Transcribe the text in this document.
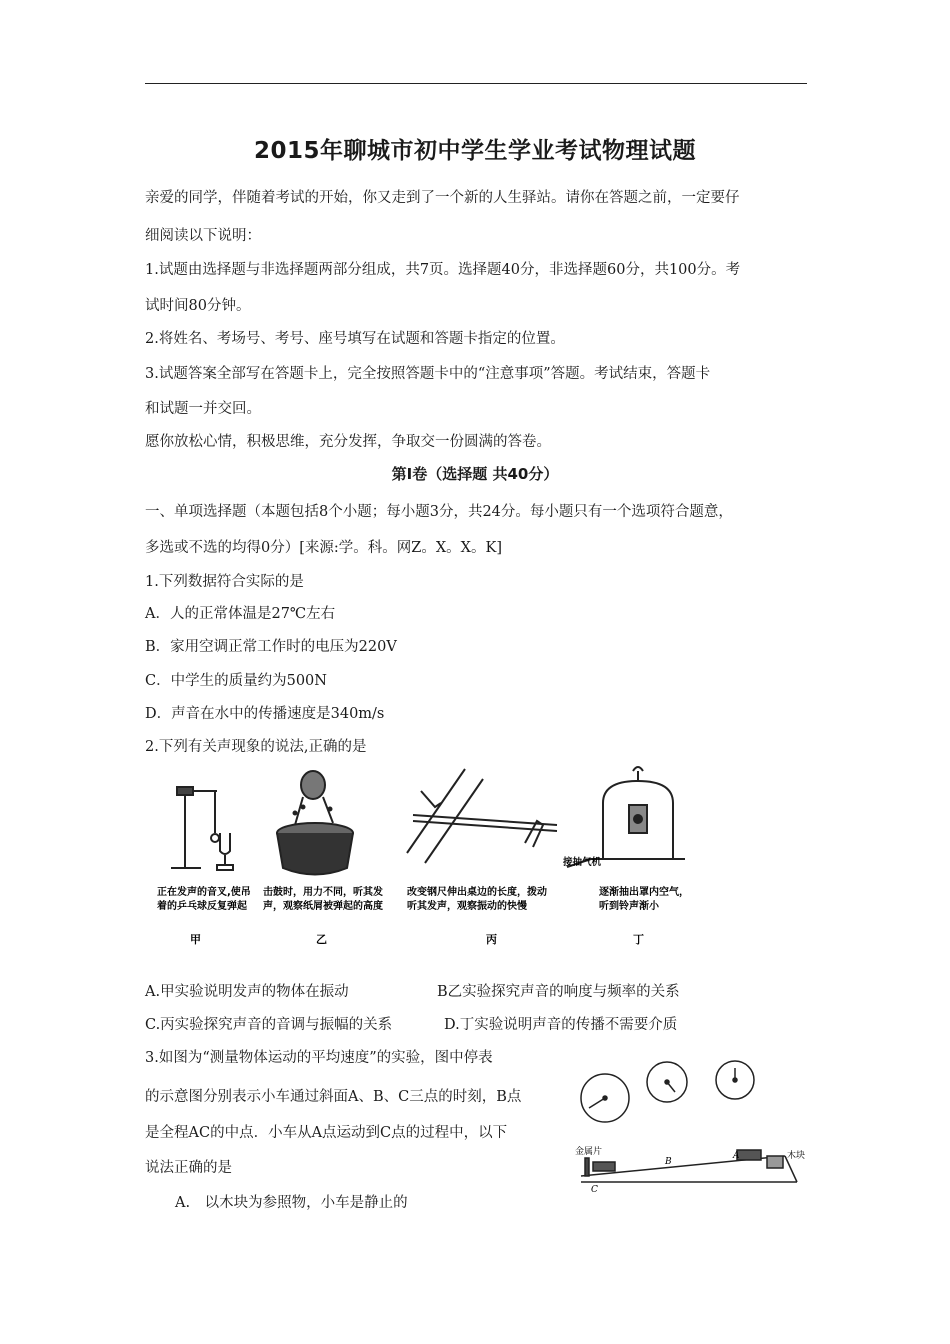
2015年聊城市初中学生学业考试物理试题
亲爱的同学，伴随着考试的开始，你又走到了一个新的人生驿站。请你在答题之前，一定要仔
细阅读以下说明：
1.试题由选择题与非选择题两部分组成，共7页。选择题40分，非选择题60分，共100分。考
试时间80分钟。
2.将姓名、考场号、考号、座号填写在试题和答题卡指定的位置。
3.试题答案全部写在答题卡上，完全按照答题卡中的“注意事项”答题。考试结束，答题卡
和试题一并交回。
愿你放松心情，积极思维，充分发挥，争取交一份圆满的答卷。
第Ⅰ卷（选择题 共40分）
一、单项选择题（本题包括8个小题；每小题3分，共24分。每小题只有一个选项符合题意，
多选或不选的均得0分）[来源:学。科。网Z。X。X。K]
1.下列数据符合实际的是
A．人的正常体温是27℃左右
B．家用空调正常工作时的电压为220V
C．中学生的质量约为500N
D．声音在水中的传播速度是340m/s
2.下列有关声现象的说法,正确的是
正在发声的音叉,使吊
着的乒乓球反复弹起
甲
击鼓时，用力不同，听其发
声，观察纸屑被弹起的高度
乙
改变钢尺伸出桌边的长度，拨动
听其发声，观察振动的快慢
丙
接抽气机
逐渐抽出罩内空气，
听到铃声渐小
丁
A.甲实验说明发声的物体在振动	B乙实验探究声音的响度与频率的关系
C.丙实验探究声音的音调与振幅的关系	D.丁实验说明声音的传播不需要介质
3.如图为“测量物体运动的平均速度”的实验，图中停表
的示意图分别表示小车通过斜面A、B、C三点的时刻，B点
是全程AC的中点．小车从A点运动到C点的过程中，以下
说法正确的是
A.　以木块为参照物，小车是静止的
金属片	木块
A
B
C
